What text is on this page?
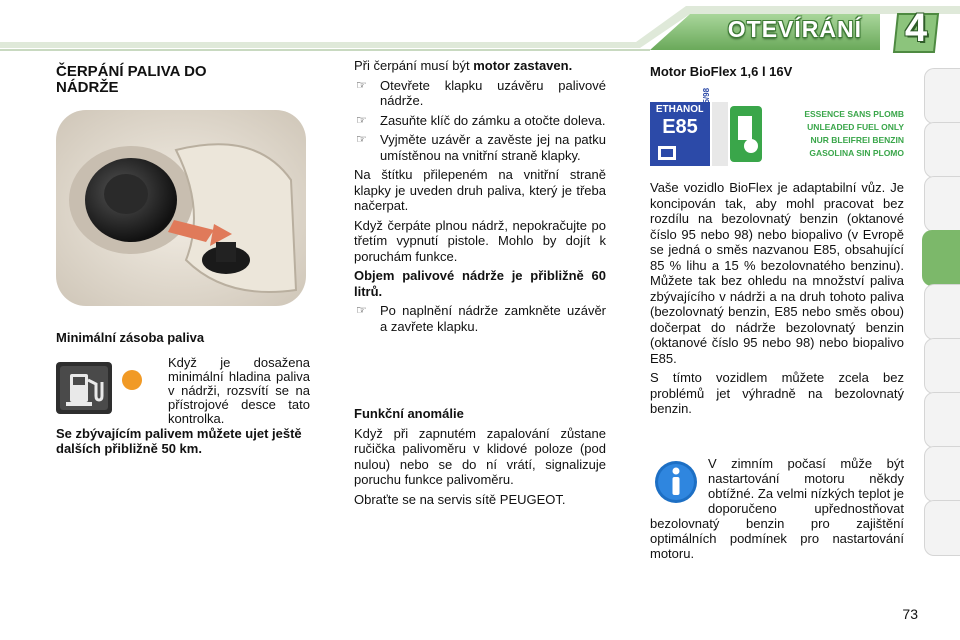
OTEVÍRÁNÍ 4
ČERPÁNÍ PALIVA DO NÁDRŽE
Minimální zásoba paliva
Když je dosažena minimální hladina paliva v nádrži, rozsvítí se na přístrojové desce tato kontrolka.
Se zbývajícím palivem můžete ujet ještě dalších přibližně 50 km.

Při čerpání musí být motor zastaven.

☞	Otevřete klapku uzávěru palivové nádrže.
☞	Zasuňte klíč do zámku a otočte doleva.
☞	Vyjměte uzávěr a zavěste jej na patku umístěnou na vnitřní straně klapky.

Na štítku přilepeném na vnitřní straně klapky je uveden druh paliva, který je třeba načerpat.

Když čerpáte plnou nádrž, nepokračujte po třetím vypnutí pistole. Mohlo by dojít k poruchám funkce.

Objem palivové nádrže je přibližně 60 litrů.

☞	Po naplnění nádrže zamkněte uzávěr a zavřete klapku.
Funkční anomálie

Když při zapnutém zapalování zůstane ručička palivoměru v klidové poloze (pod nulou) nebo se do ní vrátí, signalizuje poruchu funkce palivoměru.

Obraťte se na servis sítě PEUGEOT.

Motor BioFlex 1,6 l 16V
ETHANOL
E85 RON 95/98	ESSENCE SANS PLOMB
UNLEADED FUEL ONLY
NUR BLEIFREI BENZIN
GASOLINA SIN PLOMO

Vaše vozidlo BioFlex je adaptabilní vůz. Je koncipován tak, aby mohl pracovat bez rozdílu na bezolovnatý benzin (oktanové číslo 95 nebo 98) nebo biopalivo (v Evropě se jedná o směs nazvanou E85, obsahující 85 % lihu a 15 % bezolovnatého benzinu). Můžete tak bez ohledu na množství paliva zbývajícího v nádrži a na druh tohoto paliva (bezolovnatý benzin, E85 nebo směs obou) dočerpat do nádrže bezolovnatý benzin (oktanové číslo 95 nebo 98) nebo biopalivo E85.

S tímto vozidlem můžete zcela bez problémů jet výhradně na bezolovnatý benzin.

V zimním počasí může být nastartování motoru někdy obtížné. Za velmi nízkých teplot je doporučeno upřednostňovat bezolovnatý benzin pro zajištění optimálních podmínek pro nastartování motoru.

73
